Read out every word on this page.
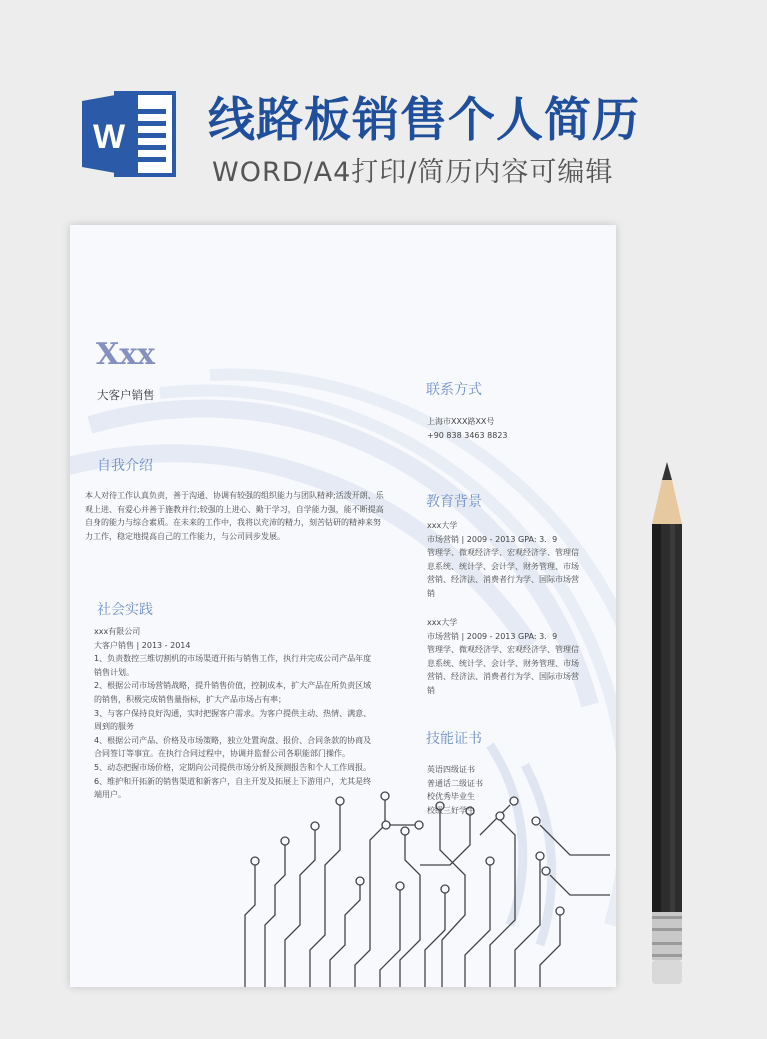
W 线路板销售个人简历
WORD/A4打印/简历内容可编辑
Xxx
大客户销售
自我介绍
本人对待工作认真负责，善于沟通、协调有较强的组织能力与团队精神;活泼开朗、乐观上进、有爱心并善于施教并行;较强的上进心、勤于学习，自学能力强，能不断提高自身的能力与综合素质。在未来的工作中，我将以充沛的精力，刻苦钻研的精神来努力工作，稳定地提高自己的工作能力，与公司同步发展。
社会实践

xxx有限公司

大客户销售 | 2013 - 2014

1、负责数控三维切割机的市场渠道开拓与销售工作，执行并完成公司产品年度销售计划。

2、根据公司市场营销战略，提升销售价值，控制成本，扩大产品在所负责区域的销售，积极完成销售量指标，扩大产品市场占有率；

3、与客户保持良好沟通，实时把握客户需求。为客户提供主动、热情、满意、周到的服务

4、根据公司产品、价格及市场策略，独立处置询盘、报价、合同条款的协商及合同签订等事宜。在执行合同过程中，协调并监督公司各职能部门操作。

5、动态把握市场价格，定期向公司提供市场分析及预测报告和个人工作周报。

6、维护和开拓新的销售渠道和新客户，自主开发及拓展上下游用户，尤其是终端用户。

联系方式

上海市XXX路XX号

+90 838 3463 8823

教育背景

xxx大学

市场营销 | 2009 - 2013 GPA: 3．9

管理学、微观经济学、宏观经济学、管理信息系统、统计学、会计学、财务管理、市场营销、经济法、消费者行为学、国际市场营销

xxx大学

市场营销 | 2009 - 2013 GPA: 3．9

管理学、微观经济学、宏观经济学、管理信息系统、统计学、会计学、财务管理、市场营销、经济法、消费者行为学、国际市场营销

技能证书

英语四级证书

普通话二级证书

校优秀毕业生

校级三好学生
